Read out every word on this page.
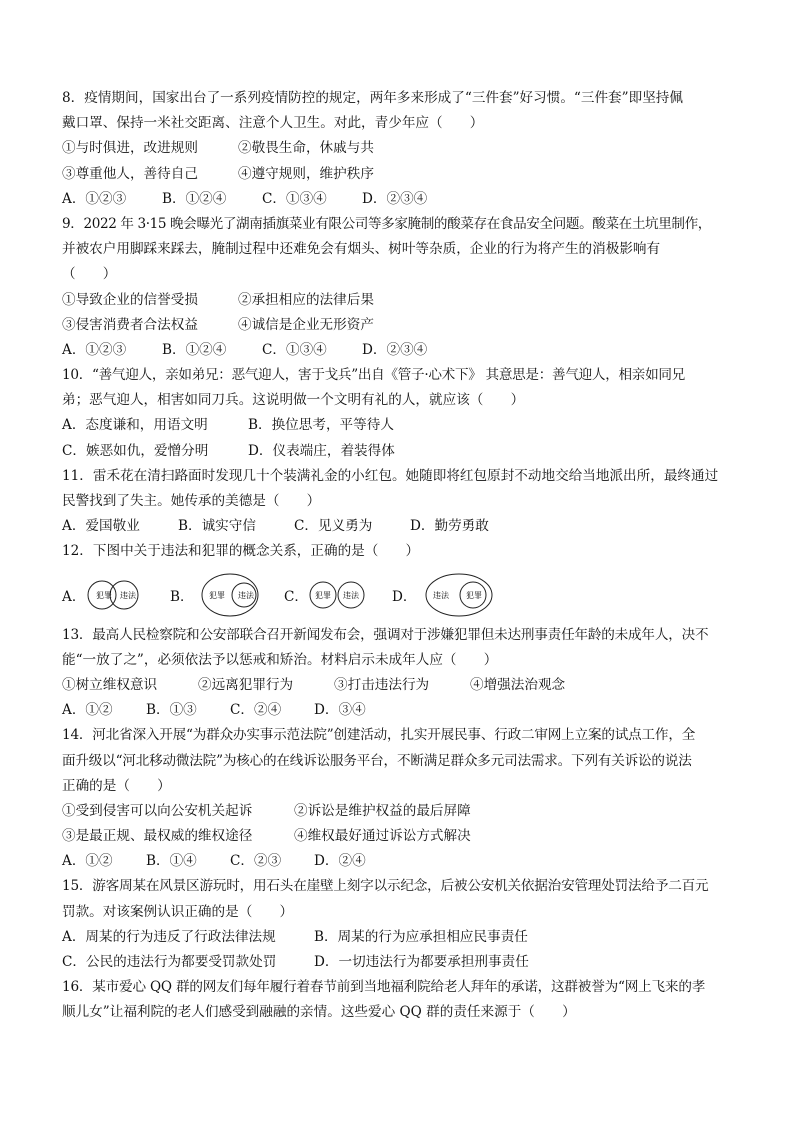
8．疫情期间，国家出台了一系列疫情防控的规定，两年多来形成了“三件套”好习惯。“三件套”即坚持佩
戴口罩、保持一米社交距离、注意个人卫生。对此，青少年应（　　）
①与时俱进，改进规则	②敬畏生命，休戚与共
③尊重他人，善待自己	④遵守规则，维护秩序
A．①②③	B．①②④	C．①③④	D．②③④
9．2022 年 3·15 晚会曝光了湖南插旗菜业有限公司等多家腌制的酸菜存在食品安全问题。酸菜在土坑里制作，
并被农户用脚踩来踩去，腌制过程中还难免会有烟头、树叶等杂质，企业的行为将产生的消极影响有
（　　）
①导致企业的信誉受损	②承担相应的法律后果
③侵害消费者合法权益	④诚信是企业无形资产
A．①②③	B．①②④	C．①③④	D．②③④
10．“善气迎人，亲如弟兄：恶气迎人，害于戈兵”出自《管子·心术下》 其意思是：善气迎人，相亲如同兄
弟；恶气迎人，相害如同刀兵。这说明做一个文明有礼的人，就应该（　　）
A．态度谦和，用语文明	B．换位思考，平等待人
C．嫉恶如仇，爱憎分明	D．仪表端庄，着装得体
11．雷禾花在清扫路面时发现几十个装满礼金的小红包。她随即将红包原封不动地交给当地派出所，最终通过
民警找到了失主。她传承的美德是（　　）
A．爱国敬业	B．诚实守信	C．见义勇为	D．勤劳勇敢
12．下图中关于违法和犯罪的概念关系，正确的是（　　）
A． 犯罪 违法 B． 犯罪 违法 C． 犯罪 违法 D． 违法 犯罪
13．最高人民检察院和公安部联合召开新闻发布会，强调对于涉嫌犯罪但未达刑事责任年龄的未成年人，决不
能“一放了之”，必须依法予以惩戒和矫治。材料启示未成年人应（　　）
①树立维权意识	②远离犯罪行为	③打击违法行为	④增强法治观念
A．①②	B．①③	C．②④	D．③④
14．河北省深入开展“为群众办实事示范法院”创建活动，扎实开展民事、行政二审网上立案的试点工作，全
面升级以“河北移动微法院”为核心的在线诉讼服务平台，不断满足群众多元司法需求。下列有关诉讼的说法
正确的是（　　）
①受到侵害可以向公安机关起诉	②诉讼是维护权益的最后屏障
③是最正规、最权威的维权途径	④维权最好通过诉讼方式解决
A．①②	B．①④	C．②③	D．②④
15．游客周某在风景区游玩时，用石头在崖壁上刻字以示纪念，后被公安机关依据治安管理处罚法给予二百元
罚款。对该案例认识正确的是（　　）
A．周某的行为违反了行政法律法规	B．周某的行为应承担相应民事责任
C．公民的违法行为都要受罚款处罚	D．一切违法行为都要承担刑事责任
16．某市爱心 QQ 群的网友们每年履行着春节前到当地福利院给老人拜年的承诺，这群被誉为“网上飞来的孝
顺儿女”让福利院的老人们感受到融融的亲情。这些爱心 QQ 群的责任来源于（　　）
